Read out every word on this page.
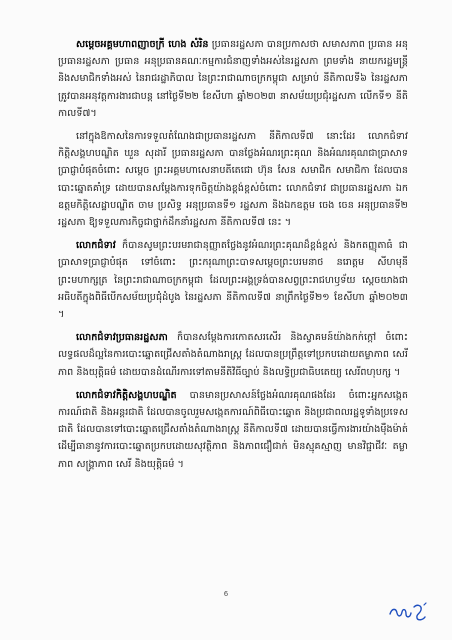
សម្តេចអគ្គមហាពញាចក្រី ហេង សំរិន ប្រធានរដ្ឋសភា បានប្រកាសថា សមាសភាព ប្រធាន អនុប្រធានរដ្ឋសភា ប្រធាន អនុប្រធានគណៈកម្មការជំនាញទាំងអស់នៃរដ្ឋសភា ព្រមទាំង នាយករដ្ឋមន្ត្រី និងសមាជិកទាំងអស់ នៃរាជរដ្ឋាភិបាល នៃព្រះរាជាណាចក្រកម្ពុជា សម្រាប់ នីតិកាលទី៦ នៃរដ្ឋសភា ត្រូវបានអនុវត្តការងារជាបន្ត នៅថ្ងៃទី២២ ខែសីហា ឆ្នាំ២០២៣ នាសម័យប្រជុំរដ្ឋសភា លើកទី១ នីតិកាលទី៧។

នៅក្នុងឱកាសនៃការទទួលតំណែងជាប្រធានរដ្ឋសភា នីតិកាលទី៧ នោះដែរ លោកជំទាវកិត្តិសង្គហបណ្ឌិត ឃួន សុដារី ប្រធានរដ្ឋសភា បានថ្លែងអំណរព្រះគុណ និងអំណរគុណជាប្រាសាទប្រាជ្ញាបំផុតចំពោះ សម្តេច ព្រះអគ្គមហាសេនាបតីតេជោ ហ៊ុន សែន សមាជិក សមាជិកា ដែលបានបោះឆ្នោតគាំទ្រ ដោយបានសម្តែងការទុកចិត្តយ៉ាងខ្ពង់ខ្ពស់ចំពោះ លោកជំទាវ ជាប្រធានរដ្ឋសភា ឯកឧត្តមកិត្តិសេដ្ឋាបណ្ឌិត ចាម ប្រសិទ្ធ អនុប្រធានទី១ រដ្ឋសភា និងឯកឧត្តម ចេង ចេន អនុប្រធានទី២ រដ្ឋសភា ឱ្យទទួលភារកិច្ចជាថ្នាក់ដឹកនាំរដ្ឋសភា នីតិកាលទី៧ នេះ ។

លោកជំទាវ ក៏បានសូមព្រះបរមរាជានុញ្ញាតថ្លែងនូវអំណរព្រះគុណដ៏ខ្ពង់ខ្ពស់ និងកតញ្ញុតាធំ ជាប្រាសាទប្រាជ្ញាបំផុត ទៅចំពោះ ព្រះករុណាព្រះបាទសម្តេចព្រះបរមនាថ នរោត្តម សីហមុនី ព្រះមហាក្សត្រ នៃព្រះរាជាណាចក្រកម្ពុជា ដែលព្រះអង្គទ្រង់បានសព្វព្រះរាជហឫទ័យ ស្ដេចយាងជាអធិបតីក្នុងពិធីបើកសម័យប្រជុំដំបូង នៃរដ្ឋសភា នីតិកាលទី៧ នាព្រឹកថ្ងៃទី២១ ខែសីហា ឆ្នាំ២០២៣ ។

លោកជំទាវប្រធានរដ្ឋសភា ក៏បានសម្តែងការកោតសរសើរ និងស្វាគមន៍យ៉ាងកក់ក្តៅ ចំពោះលទ្ធផលដ៏ល្អនៃការបោះឆ្នោតជ្រើសតាំងតំណាងរាស្ត្រ ដែលបានប្រព្រឹត្តទៅប្រកបដោយតម្លាភាព សេរីភាព និងយុត្តិធម៌ ដោយបានដំណើរការទៅតាមនីតិវិធីច្បាប់ និងលទ្ធិប្រជាធិបតេយ្យ សេរីពហុបក្ស ។

លោកជំទាវកិត្តិសង្គហបណ្ឌិត បានមានប្រសាសន៍ថ្លែងអំណរគុណផងដែរ ចំពោះអ្នកសង្កេតការណ៍ជាតិ និងអន្តរជាតិ ដែលបានចូលរួមសង្កេតការណ៍ពិធីបោះឆ្នោត និងប្រជាពលរដ្ឋទូទាំងប្រទេសជាតិ ដែលបានទៅបោះឆ្នោតជ្រើសតាំងតំណាងរាស្ត្រ នីតិកាលទី៧ ដោយបានធ្វើការងារយ៉ាងម៉ឺងម៉ាត់ ដើម្បីធានានូវការបោះឆ្នោតប្រកបដោយសុវត្ថិភាព និងភាពជឿជាក់ មិនស្មុគស្មាញ មានវិជ្ជាជីវៈ តម្លាភាព សង្គ្រាភាព សេរី និងយុត្តិធម៌ ។

6
